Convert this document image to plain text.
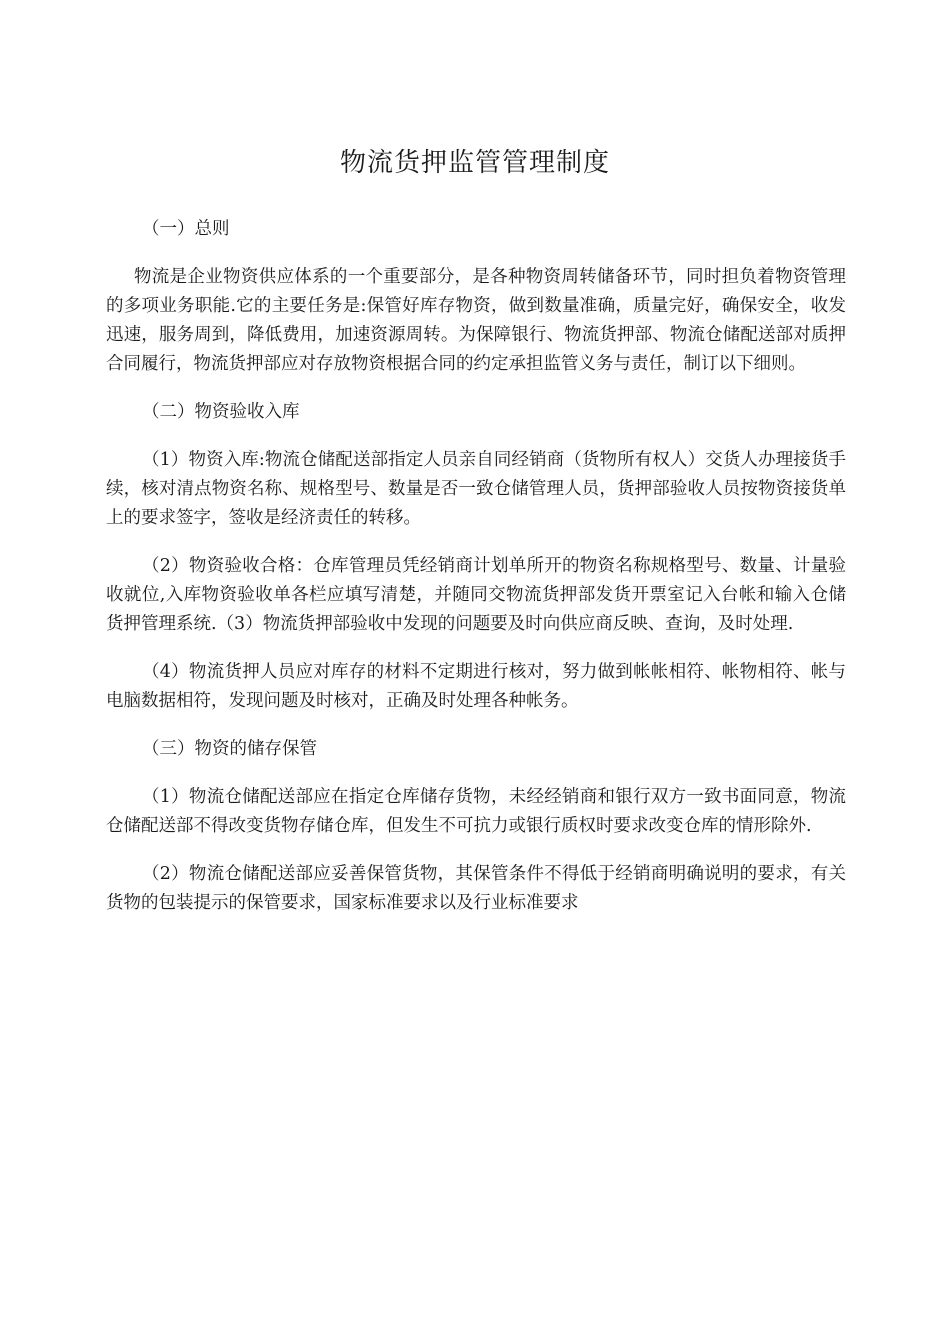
物流货押监管管理制度

（一）总则

物流是企业物资供应体系的一个重要部分，是各种物资周转储备环节，同时担负着物资管理的多项业务职能.它的主要任务是:保管好库存物资，做到数量准确，质量完好，确保安全，收发迅速，服务周到，降低费用，加速资源周转。为保障银行、物流货押部、物流仓储配送部对质押合同履行，物流货押部应对存放物资根据合同的约定承担监管义务与责任，制订以下细则。

（二）物资验收入库

（1）物资入库:物流仓储配送部指定人员亲自同经销商（货物所有权人）交货人办理接货手续，核对清点物资名称、规格型号、数量是否一致仓储管理人员，货押部验收人员按物资接货单上的要求签字，签收是经济责任的转移。

（2）物资验收合格：仓库管理员凭经销商计划单所开的物资名称规格型号、数量、计量验收就位,入库物资验收单各栏应填写清楚，并随同交物流货押部发货开票室记入台帐和输入仓储货押管理系统.（3）物流货押部验收中发现的问题要及时向供应商反映、查询，及时处理.

（4）物流货押人员应对库存的材料不定期进行核对，努力做到帐帐相符、帐物相符、帐与电脑数据相符，发现问题及时核对，正确及时处理各种帐务。

（三）物资的储存保管

（1）物流仓储配送部应在指定仓库储存货物，未经经销商和银行双方一致书面同意，物流仓储配送部不得改变货物存储仓库，但发生不可抗力或银行质权时要求改变仓库的情形除外.

（2）物流仓储配送部应妥善保管货物，其保管条件不得低于经销商明确说明的要求，有关货物的包装提示的保管要求，国家标准要求以及行业标准要求
